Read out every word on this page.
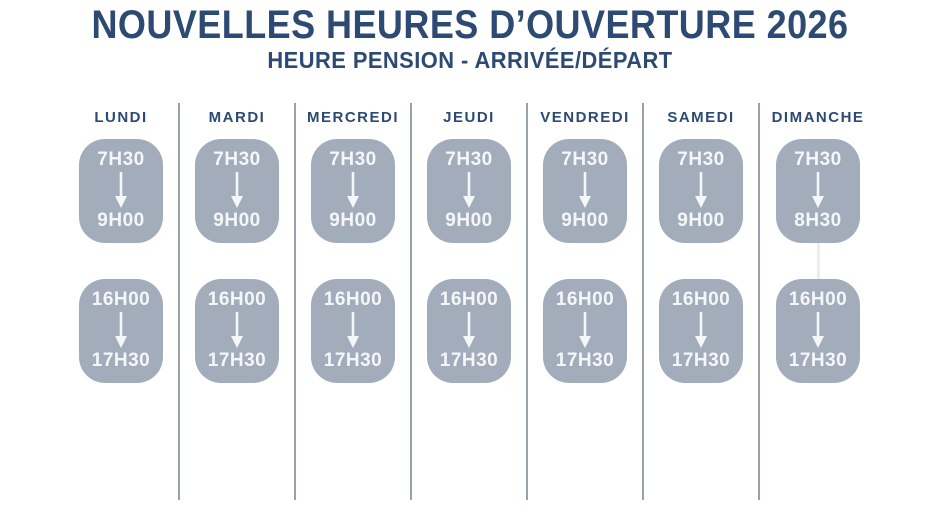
NOUVELLES HEURES D’OUVERTURE 2026
HEURE PENSION - ARRIVÉE/DÉPART
LUNDI
7H30
9H00
16H00
17H30
MARDI
7H30
9H00
16H00
17H30
MERCREDI
7H30
9H00
16H00
17H30
JEUDI
7H30
9H00
16H00
17H30
VENDREDI
7H30
9H00
16H00
17H30
SAMEDI
7H30
9H00
16H00
17H30
DIMANCHE
7H30
8H30
16H00
17H30
